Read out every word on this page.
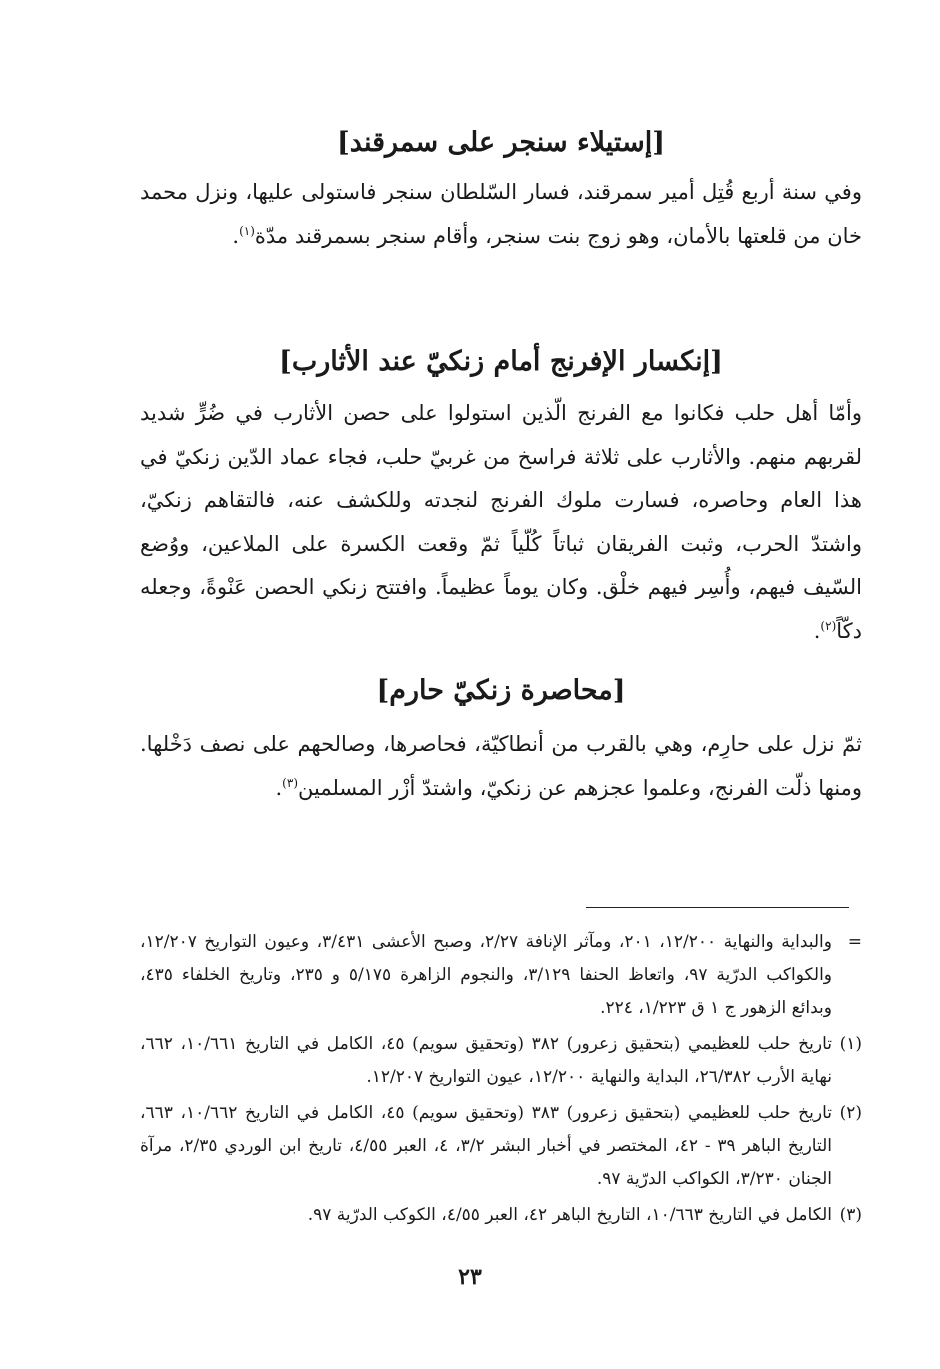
[إستيلاء سنجر على سمرقند]

وفي سنة أربع قُتِل أمير سمرقند، فسار السّلطان سنجر فاستولى عليها، ونزل محمد خان من قلعتها بالأمان، وهو زوج بنت سنجر، وأقام سنجر بسمرقند مدّة$^{(١)}$.

[إنكسار الإفرنج أمام زنكيّ عند الأثارب]

وأمّا أهل حلب فكانوا مع الفرنج الّذين استولوا على حصن الأثارب في ضُرٍّ شديد لقربهم منهم. والأثارب على ثلاثة فراسخ من غربيّ حلب، فجاء عماد الدّين زنكيّ في هذا العام وحاصره، فسارت ملوك الفرنج لنجدته وللكشف عنه، فالتقاهم زنكيّ، واشتدّ الحرب، وثبت الفريقان ثباتاً كُلّياً ثمّ وقعت الكسرة على الملاعين، ووُضع السّيف فيهم، وأُسِر فيهم خلْق. وكان يوماً عظيماً. وافتتح زنكي الحصن عَنْوةً، وجعله دكّاً$^{(٢)}$.

[محاصرة زنكيّ حارم]

ثمّ نزل على حارِم، وهي بالقرب من أنطاكيّة، فحاصرها، وصالحهم على نصف دَخْلها. ومنها ذلّت الفرنج، وعلموا عجزهم عن زنكيّ، واشتدّ أزْر المسلمين$^{(٣)}$.

=
والبداية والنهاية ١٢/٢٠٠، ٢٠١، ومآثر الإنافة ٢/٢٧، وصبح الأعشى ٣/٤٣١، وعيون التواريخ ١٢/٢٠٧، والكواكب الدرّية ٩٧، واتعاظ الحنفا ٣/١٢٩، والنجوم الزاهرة ٥/١٧٥ و ٢٣٥، وتاريخ الخلفاء ٤٣٥، وبدائع الزهور ج ١ ق ١/٢٢٣، ٢٢٤.
(١)
تاريخ حلب للعظيمي (بتحقيق زعرور) ٣٨٢ (وتحقيق سويم) ٤٥، الكامل في التاريخ ١٠/٦٦١، ٦٦٢، نهاية الأرب ٢٦/٣٨٢، البداية والنهاية ١٢/٢٠٠، عيون التواريخ ١٢/٢٠٧.
(٢)
تاريخ حلب للعظيمي (بتحقيق زعرور) ٣٨٣ (وتحقيق سويم) ٤٥، الكامل في التاريخ ١٠/٦٦٢، ٦٦٣، التاريخ الباهر ٣٩ - ٤٢، المختصر في أخبار البشر ٣/٢، ٤، العبر ٤/٥٥، تاريخ ابن الوردي ٢/٣٥، مرآة الجنان ٣/٢٣٠، الكواكب الدرّية ٩٧.
(٣)
الكامل في التاريخ ١٠/٦٦٣، التاريخ الباهر ٤٢، العبر ٤/٥٥، الكوكب الدرّية ٩٧.
٢٣
